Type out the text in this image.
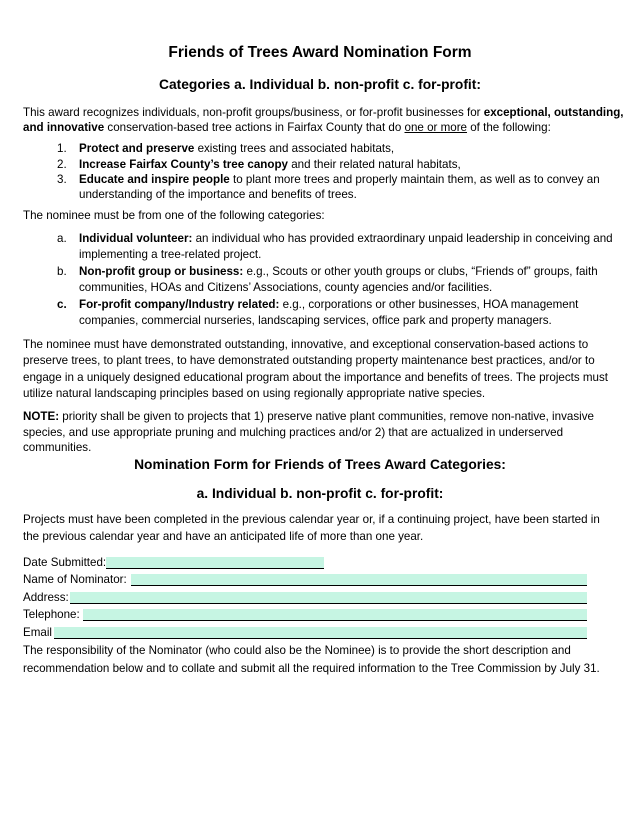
Friends of Trees Award Nomination Form
Categories a. Individual b. non-profit c. for-profit:
This award recognizes individuals, non-profit groups/business, or for-profit businesses for exceptional, outstanding,
and innovative conservation-based tree actions in Fairfax County that do one or more of the following:
1.	Protect and preserve existing trees and associated habitats,
2.	Increase Fairfax County’s tree canopy and their related natural habitats,
3.	Educate and inspire people to plant more trees and properly maintain them, as well as to convey an
understanding of the importance and benefits of trees.
The nominee must be from one of the following categories:
a.	Individual volunteer: an individual who has provided extraordinary unpaid leadership in conceiving and
implementing a tree-related project.
b.	Non-profit group or business: e.g., Scouts or other youth groups or clubs, “Friends of” groups, faith
communities, HOAs and Citizens’ Associations, county agencies and/or facilities.
c.	For-profit company/Industry related: e.g., corporations or other businesses, HOA management
companies, commercial nurseries, landscaping services, office park and property managers.
The nominee must have demonstrated outstanding, innovative, and exceptional conservation-based actions to
preserve trees, to plant trees, to have demonstrated outstanding property maintenance best practices, and/or to
engage in a uniquely designed educational program about the importance and benefits of trees. The projects must
utilize natural landscaping principles based on using regionally appropriate native species.
NOTE: priority shall be given to projects that 1) preserve native plant communities, remove non-native, invasive
species, and use appropriate pruning and mulching practices and/or 2) that are actualized in underserved
communities.
Nomination Form for Friends of Trees Award Categories:
a. Individual b. non-profit c. for-profit:
Projects must have been completed in the previous calendar year or, if a continuing project, have been started in
the previous calendar year and have an anticipated life of more than one year.
Date Submitted:
Name of Nominator:
Address:
Telephone:
Email
The responsibility of the Nominator (who could also be the Nominee) is to provide the short description and
recommendation below and to collate and submit all the required information to the Tree Commission by July 31.
